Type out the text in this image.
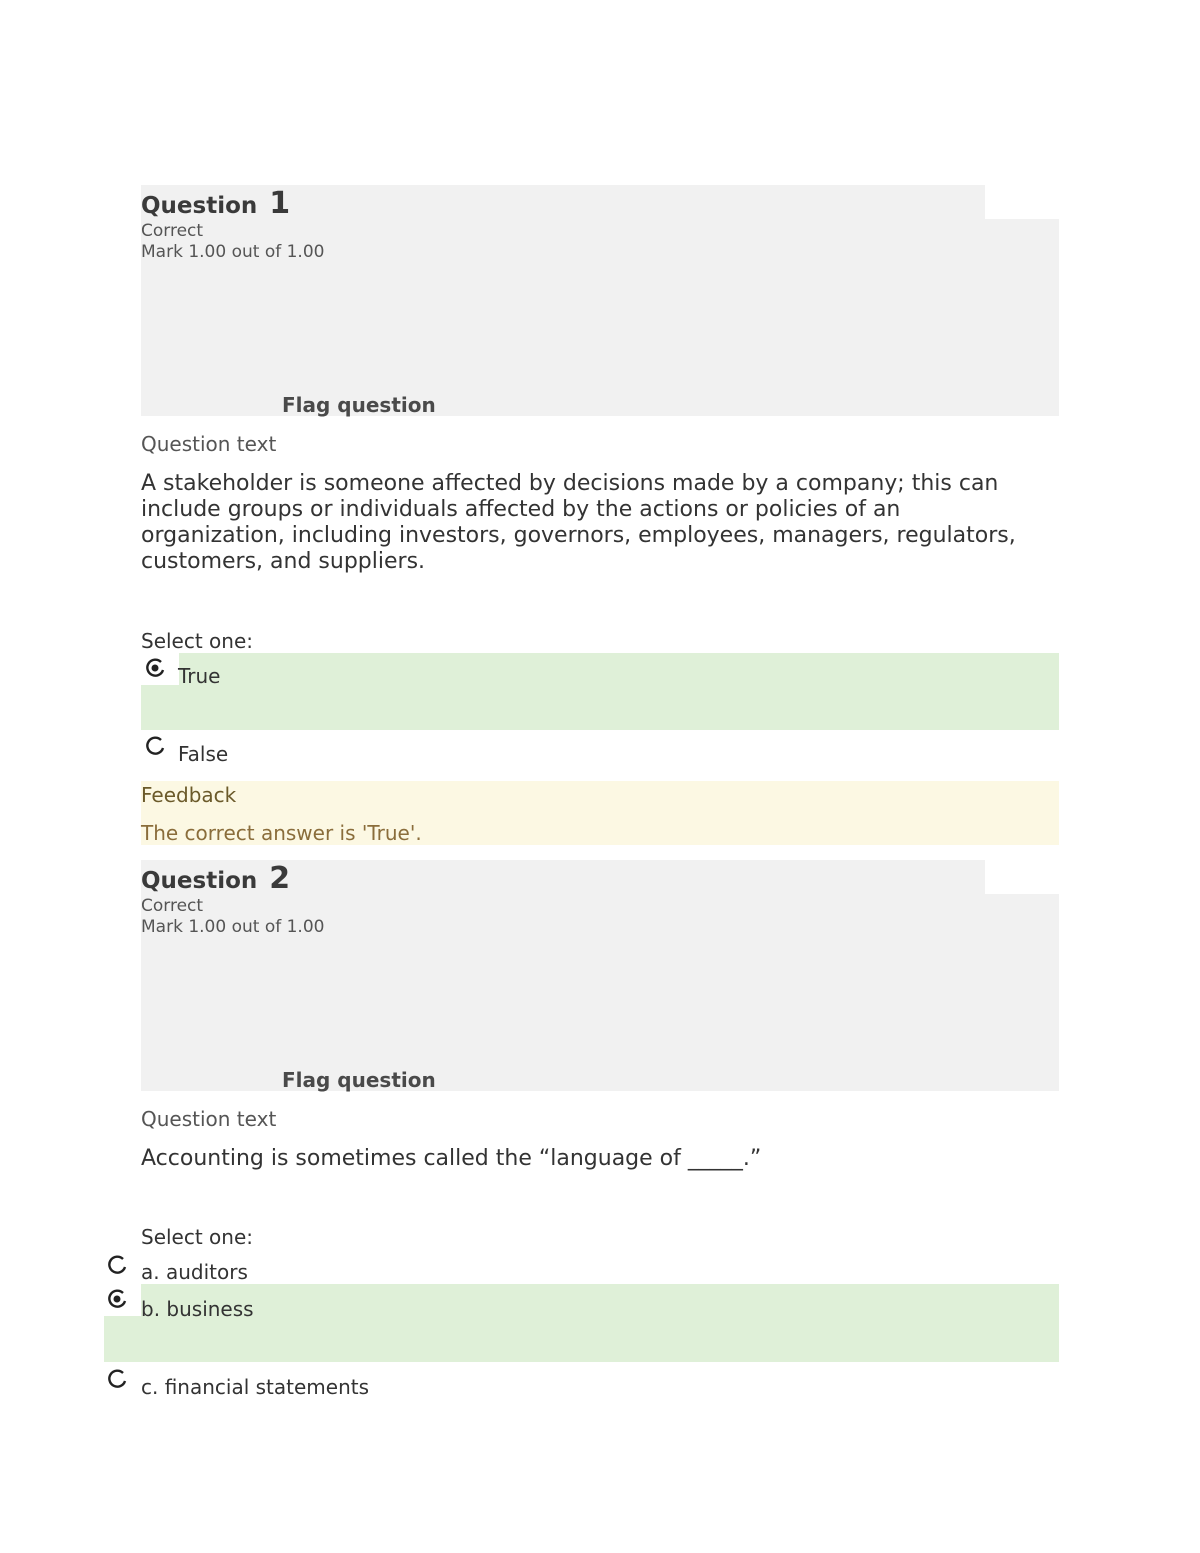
Question 1
Correct
Mark 1.00 out of 1.00
Flag question
Question text
A stakeholder is someone affected by decisions made by a company; this can include groups or individuals affected by the actions or policies of an organization, including investors, governors, employees, managers, regulators, customers, and suppliers.
Select one:
True
False
Feedback
The correct answer is 'True'.
Question 2
Correct
Mark 1.00 out of 1.00
Flag question
Question text
Accounting is sometimes called the “language of _____.”
Select one:
a. auditors
b. business
c. financial statements
